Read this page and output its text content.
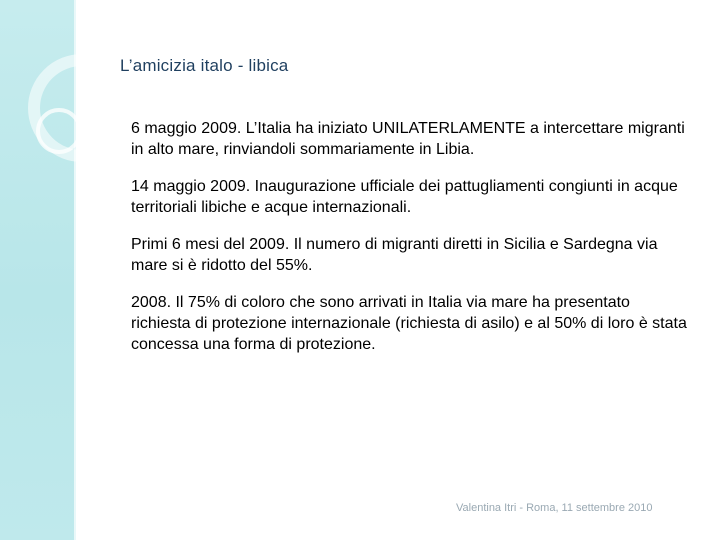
L’amicizia italo - libica

6 maggio 2009. L’Italia ha iniziato UNILATERLAMENTE a intercettare migranti in alto mare, rinviandoli sommariamente in Libia.

14 maggio 2009. Inaugurazione ufficiale dei pattugliamenti congiunti in acque territoriali libiche e acque internazionali.

Primi 6 mesi del 2009. Il numero di migranti diretti in Sicilia e Sardegna via mare si è ridotto del 55%.

2008. Il 75% di coloro che sono arrivati in Italia via mare ha presentato richiesta di protezione internazionale (richiesta di asilo) e al 50% di loro è stata concessa una forma di protezione.

Valentina Itri - Roma, 11 settembre 2010
